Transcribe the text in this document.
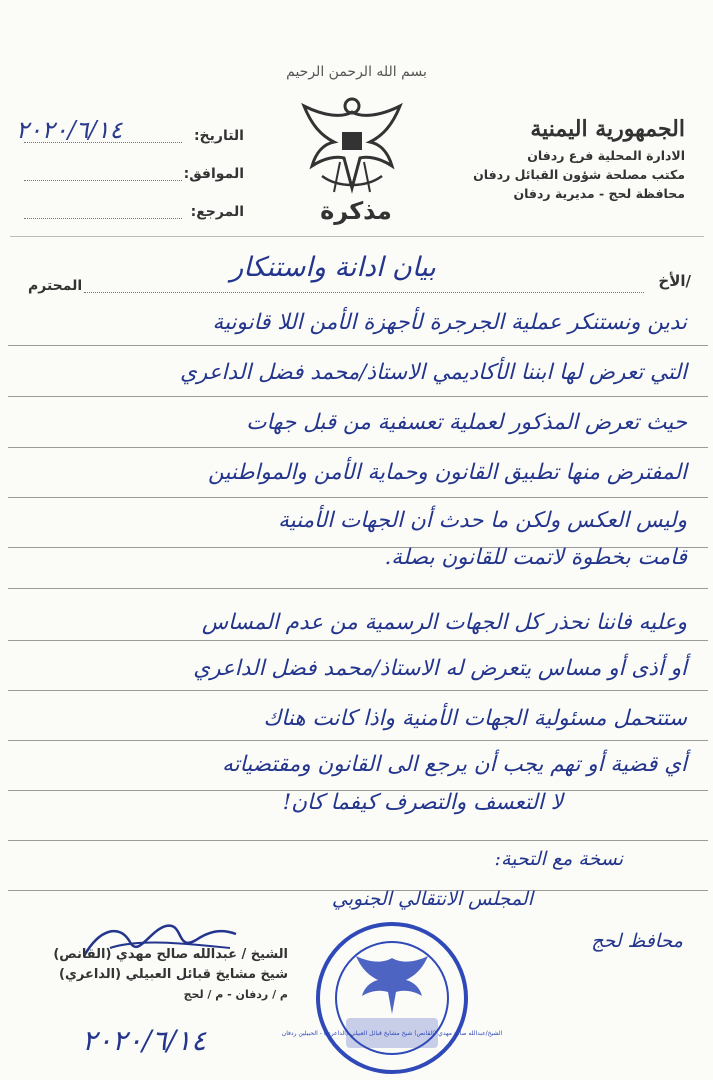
بسم الله الرحمن الرحيم
مذكرة
الجمهورية اليمنية
الادارة المحلية فرع ردفان
مكتب مصلحة شؤون القبائل ردفان
محافظة لحج - مديرية ردفان
التاريخ:
٢٠٢٠/٦/١٤
الموافق:
المرجع:
الأخ/
المحترم
بيان ادانة واستنكار
ندين ونستنكر عملية الجرجرة لأجهزة الأمن اللا قانونية
التي تعرض لها ابننا الأكاديمي الاستاذ/محمد فضل الداعري
حيث تعرض المذكور لعملية تعسفية من قبل جهات
المفترض منها تطبيق القانون وحماية الأمن والمواطنين
وليس العكس ولكن ما حدث أن الجهات الأمنية
قامت بخطوة لاتمت للقانون بصلة.
وعليه فاننا نحذر كل الجهات الرسمية من عدم المساس
أو أذى أو مساس يتعرض له الاستاذ/محمد فضل الداعري
ستتحمل مسئولية الجهات الأمنية واذا كانت هناك
أي قضية أو تهم يجب أن يرجع الى القانون ومقتضياته
لا التعسف والتصرف كيفما كان!
نسخة مع التحية:
المجلس الانتقالي الجنوبي
محافظ لحج
الشيخ / عبدالله صالح مهدي (القانص)
شيخ مشايخ قبائل العبيلي (الداعري)
م / ردفان - م / لحج
٢٠٢٠/٦/١٤	الشيخ/عبدالله صالح مهدي (القانص) شيخ مشايخ قبائل العبيلي (الداعري) - الحبيلين ردفان
